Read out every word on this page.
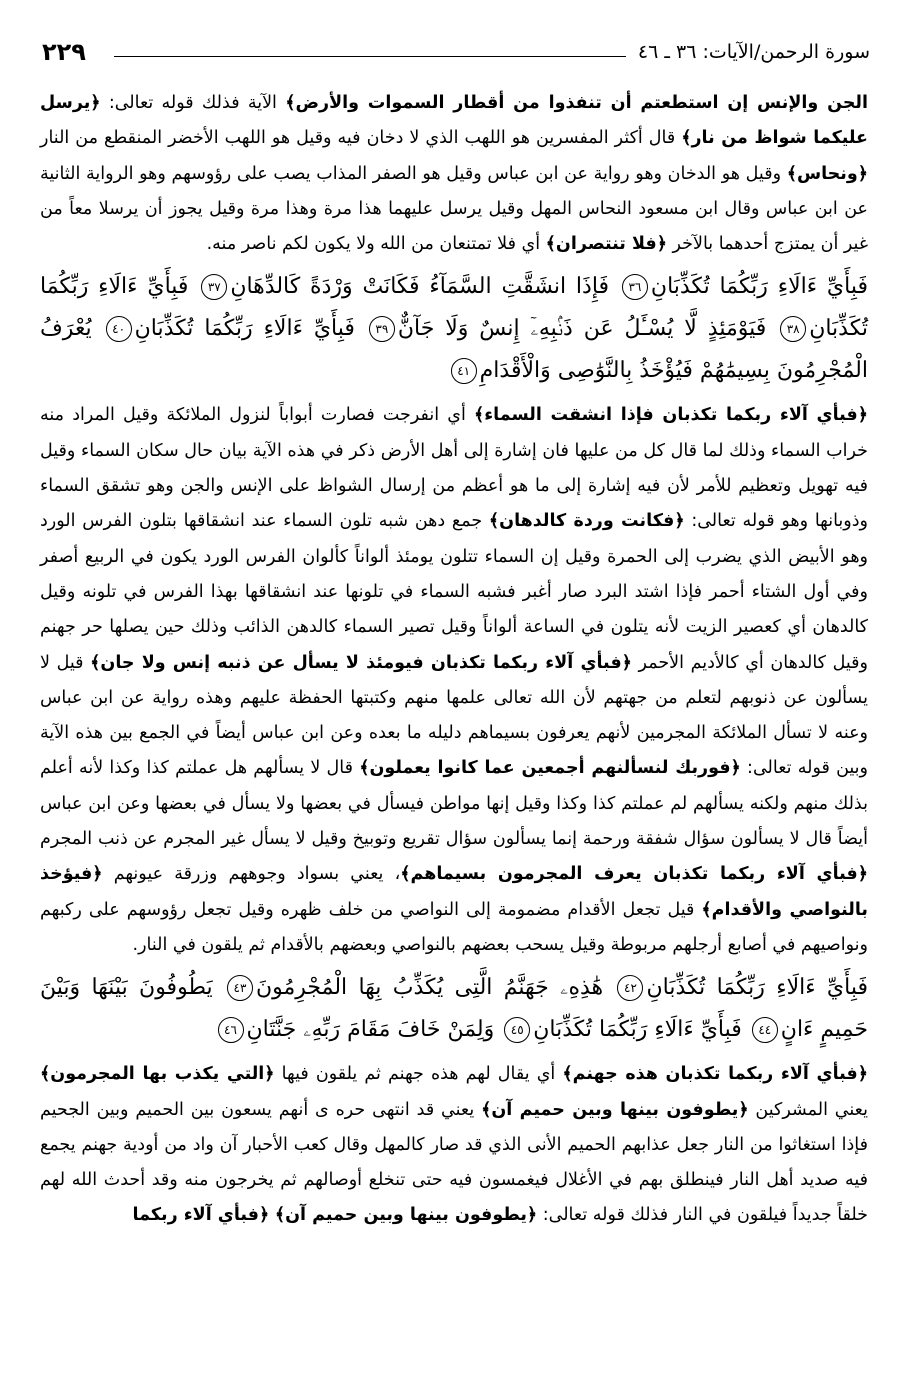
٢٢٩	سورة الرحمن/الآيات: ٣٦ ـ ٤٦

الجن والإنس إن استطعتم أن تنفذوا من أقطار السموات والأرض﴾ الآية فذلك قوله تعالى: ﴿يرسل عليكما شواظ من نار﴾ قال أكثر المفسرين هو اللهب الذي لا دخان فيه وقيل هو اللهب الأخضر المنقطع من النار ﴿ونحاس﴾ وقيل هو الدخان وهو رواية عن ابن عباس وقيل هو الصفر المذاب يصب على رؤوسهم وهو الرواية الثانية عن ابن عباس وقال ابن مسعود النحاس المهل وقيل يرسل عليهما هذا مرة وهذا مرة وقيل يجوز أن يرسلا معاً من غير أن يمتزج أحدهما بالآخر ﴿فلا تنتصران﴾ أي فلا تمتنعان من الله ولا يكون لكم ناصر منه.

فَبِأَيِّ ءَالَاءِ رَبِّكُمَا تُكَذِّبَانِ٣٦ فَإِذَا انشَقَّتِ السَّمَآءُ فَكَانَتْ وَرْدَةً كَالدِّهَانِ٣٧ فَبِأَيِّ ءَالَاءِ رَبِّكُمَا تُكَذِّبَانِ٣٨ فَيَوْمَئِذٍ لَّا يُسْـَٔلُ عَن ذَنۢبِهِۦٓ إِنسٌ وَلَا جَآنٌّ٣٩ فَبِأَيِّ ءَالَاءِ رَبِّكُمَا تُكَذِّبَانِ٤٠ يُعْرَفُ الْمُجْرِمُونَ بِسِيمَٰهُمْ فَيُؤْخَذُ بِالنَّوَٰصِى وَالْأَقْدَامِ٤١

﴿فبأي آلاء ربكما تكذبان فإذا انشقت السماء﴾ أي انفرجت فصارت أبواباً لنزول الملائكة وقيل المراد منه خراب السماء وذلك لما قال كل من عليها فان إشارة إلى أهل الأرض ذكر في هذه الآية بيان حال سكان السماء وقيل فيه تهويل وتعظيم للأمر لأن فيه إشارة إلى ما هو أعظم من إرسال الشواظ على الإنس والجن وهو تشقق السماء وذوبانها وهو قوله تعالى: ﴿فكانت وردة كالدهان﴾ جمع دهن شبه تلون السماء عند انشقاقها بتلون الفرس الورد وهو الأبيض الذي يضرب إلى الحمرة وقيل إن السماء تتلون يومئذ ألواناً كألوان الفرس الورد يكون في الربيع أصفر وفي أول الشتاء أحمر فإذا اشتد البرد صار أغبر فشبه السماء في تلونها عند انشقاقها بهذا الفرس في تلونه وقيل كالدهان أي كعصير الزيت لأنه يتلون في الساعة ألواناً وقيل تصير السماء كالدهن الذائب وذلك حين يصلها حر جهنم وقيل كالدهان أي كالأديم الأحمر ﴿فبأي آلاء ربكما تكذبان فيومئذ لا يسأل عن ذنبه إنس ولا جان﴾ قيل لا يسألون عن ذنوبهم لتعلم من جهتهم لأن الله تعالى علمها منهم وكتبتها الحفظة عليهم وهذه رواية عن ابن عباس وعنه لا تسأل الملائكة المجرمين لأنهم يعرفون بسيماهم دليله ما بعده وعن ابن عباس أيضاً في الجمع بين هذه الآية وبين قوله تعالى: ﴿فوربك لنسألنهم أجمعين عما كانوا يعملون﴾ قال لا يسألهم هل عملتم كذا وكذا لأنه أعلم بذلك منهم ولكنه يسألهم لم عملتم كذا وكذا وقيل إنها مواطن فيسأل في بعضها ولا يسأل في بعضها وعن ابن عباس أيضاً قال لا يسألون سؤال شفقة ورحمة إنما يسألون سؤال تقريع وتوبيخ وقيل لا يسأل غير المجرم عن ذنب المجرم ﴿فبأي آلاء ربكما تكذبان يعرف المجرمون بسيماهم﴾، يعني بسواد وجوههم وزرقة عيونهم ﴿فيؤخذ بالنواصي والأقدام﴾ قيل تجعل الأقدام مضمومة إلى النواصي من خلف ظهره وقيل تجعل رؤوسهم على ركبهم ونواصيهم في أصابع أرجلهم مربوطة وقيل يسحب بعضهم بالنواصي وبعضهم بالأقدام ثم يلقون في النار.

فَبِأَيِّ ءَالَاءِ رَبِّكُمَا تُكَذِّبَانِ٤٢ هَٰذِهِۦ جَهَنَّمُ الَّتِى يُكَذِّبُ بِهَا الْمُجْرِمُونَ٤٣ يَطُوفُونَ بَيْنَهَا وَبَيْنَ حَمِيمٍ ءَانٍ٤٤ فَبِأَيِّ ءَالَاءِ رَبِّكُمَا تُكَذِّبَانِ٤٥ وَلِمَنْ خَافَ مَقَامَ رَبِّهِۦ جَنَّتَانِ٤٦

﴿فبأي آلاء ربكما تكذبان هذه جهنم﴾ أي يقال لهم هذه جهنم ثم يلقون فيها ﴿التي يكذب بها المجرمون﴾ يعني المشركين ﴿يطوفون بينها وبين حميم آن﴾ يعني قد انتهى حره ى أنهم يسعون بين الحميم وبين الجحيم فإذا استغاثوا من النار جعل عذابهم الحميم الأنى الذي قد صار كالمهل وقال كعب الأحبار آن واد من أودية جهنم يجمع فيه صديد أهل النار فينطلق بهم في الأغلال فيغمسون فيه حتى تنخلع أوصالهم ثم يخرجون منه وقد أحدث الله لهم خلقاً جديداً فيلقون في النار فذلك قوله تعالى: ﴿يطوفون بينها وبين حميم آن﴾ ﴿فبأي آلاء ربكما
